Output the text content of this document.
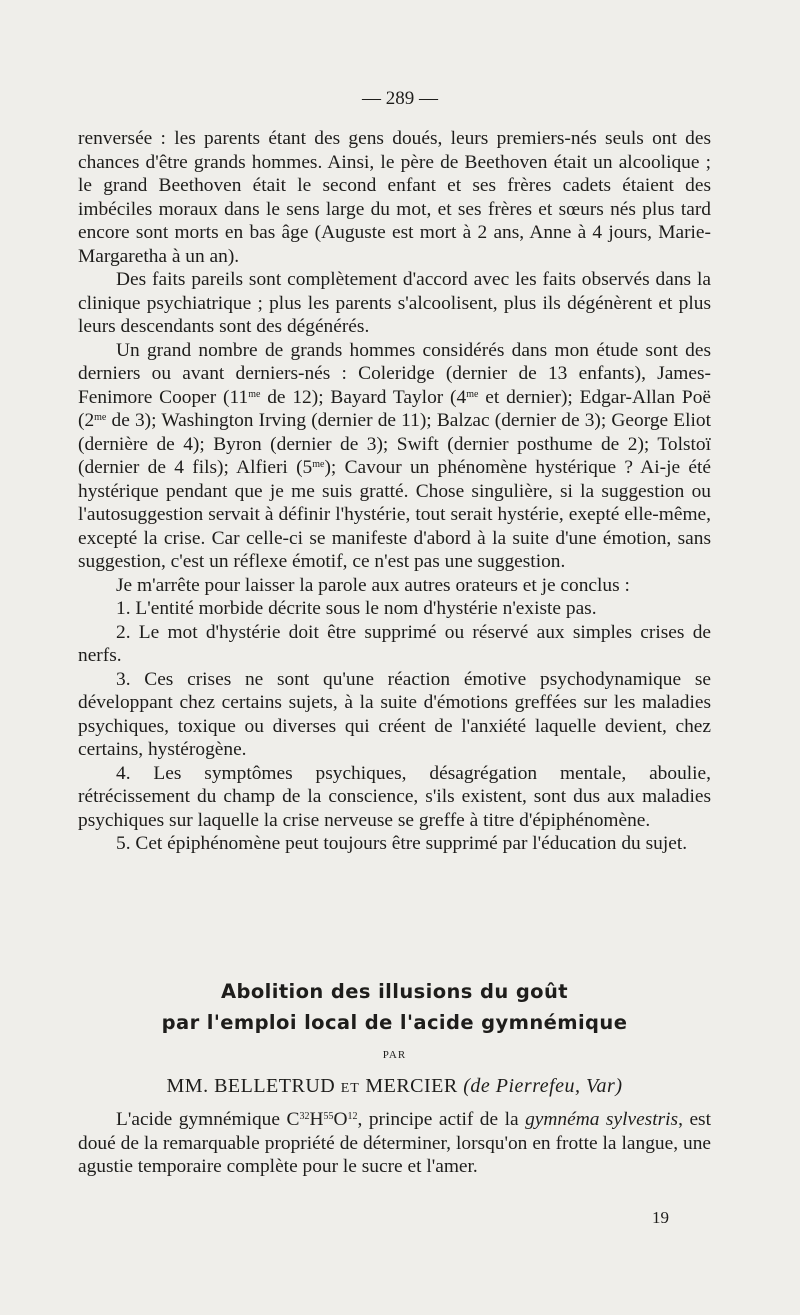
— 289 —

renversée : les parents étant des gens doués, leurs premiers-nés seuls ont des chances d'être grands hommes. Ainsi, le père de Beethoven était un alcoolique ; le grand Beethoven était le second enfant et ses frères cadets étaient des imbéciles moraux dans le sens large du mot, et ses frères et sœurs nés plus tard encore sont morts en bas âge (Auguste est mort à 2 ans, Anne à 4 jours, Marie-Margaretha à un an).

Des faits pareils sont complètement d'accord avec les faits observés dans la clinique psychiatrique ; plus les parents s'alcoolisent, plus ils dégénèrent et plus leurs descendants sont des dégénérés.

Un grand nombre de grands hommes considérés dans mon étude sont des derniers ou avant derniers-nés : Coleridge (dernier de 13 enfants), James-Fenimore Cooper ($11^{me}$ de 12); Bayard Taylor ($4^{me}$ et dernier); Edgar-Allan Poë ($2^{me}$ de 3); Washington Irving (dernier de 11); Balzac (dernier de 3); George Eliot (dernière de 4); Byron (dernier de 3); Swift (dernier posthume de 2); Tolstoï (dernier de 4 fils); Alfieri $(5^{me})$; Cavour un phénomène hystérique ? Ai-je été hystérique pendant que je me suis gratté. Chose singulière, si la suggestion ou l'autosuggestion servait à définir l'hystérie, tout serait hystérie, exepté elle-même, excepté la crise. Car celle-ci se manifeste d'abord à la suite d'une émotion, sans suggestion, c'est un réflexe émotif, ce n'est pas une suggestion.

Je m'arrête pour laisser la parole aux autres orateurs et je conclus :

1. L'entité morbide décrite sous le nom d'hystérie n'existe pas.

2. Le mot d'hystérie doit être supprimé ou réservé aux simples crises de nerfs.

3. Ces crises ne sont qu'une réaction émotive psychodynamique se développant chez certains sujets, à la suite d'émotions greffées sur les maladies psychiques, toxique ou diverses qui créent de l'anxiété laquelle devient, chez certains, hystérogène.

4. Les symptômes psychiques, désagrégation mentale, aboulie, rétrécissement du champ de la conscience, s'ils existent, sont dus aux maladies psychiques sur laquelle la crise nerveuse se greffe à titre d'épiphénomène.

5. Cet épiphénomène peut toujours être supprimé par l'éducation du sujet.

Abolition des illusions du goût
par l'emploi local de l'acide gymnémique
PAR
MM. BELLETRUD ET MERCIER (de Pierrefeu, Var)

L'acide gymnémique $C^{32}H^{55}O^{12}$, principe actif de la gymnéma sylvestris, est doué de la remarquable propriété de déterminer, lorsqu'on en frotte la langue, une agustie temporaire complète pour le sucre et l'amer.

19
